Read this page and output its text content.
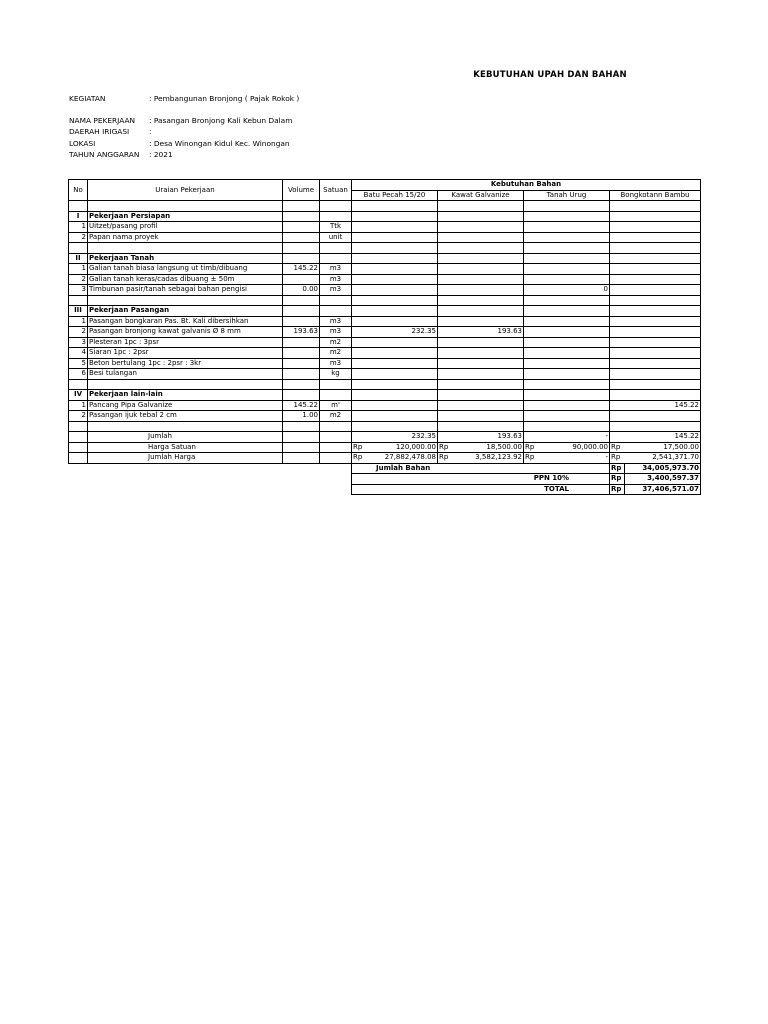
KEBUTUHAN UPAH DAN BAHAN
KEGIATAN	: Pembangunan Bronjong ( Pajak Rokok )
NAMA PEKERJAAN	: Pasangan Bronjong Kali Kebun Dalam
DAERAH IRIGASI	:
LOKASI	: Desa Winongan Kidul Kec. Winongan
TAHUN ANGGARAN	: 2021
No	Uraian Pekerjaan	Volume	Satuan	Kebutuhan Bahan							
				Batu Pecah 15/20		Kawat Galvanize		Tanah Urug		Bongkotann Bambu	

I	Pekerjaan Persiapan										
1	Uitzet/pasang profil		Ttk								
2	Papan nama proyek		unit								

II	Pekerjaan Tanah										
1	Galian tanah biasa langsung ut timb/dibuang	145.22	m3								
2	Galian tanah keras/cadas dibuang ± 50m		m3								
3	Timbunan pasir/tanah sebagai bahan pengisi	0.00	m3					0			

III	Pekerjaan Pasangan										
1	Pasangan bongkaran Pas. Bt. Kali dibersihkan		m3								
2	Pasangan bronjong kawat galvanis Ø 8 mm	193.63	m3	232.35		193.63					
3	Plesteran 1pc : 3psr		m2								
4	Siaran 1pc : 2psr		m2								
5	Beton bertulang 1pc : 2psr : 3kr		m3								
6	Besi tulangan		kg								

IV	Pekerjaan lain-lain										
1	Pancang Pipa Galvanize	145.22	m'							145.22	
2	Pasangan ijuk tebal 2 cm	1.00	m2								

	Jumlah			232.35		193.63		-		145.22	
	Harga Satuan			Rp	120,000.00	Rp	18,500.00	Rp	90,000.00	Rp	17,500.00
	Jumlah Harga			Rp	27,882,478.08	Rp	3,582,123.92	Rp	-	Rp	2,541,371.70
				Jumlah Bahan						Rp	34,005,973.70
				PPN 10%						Rp	3,400,597.37
				TOTAL						Rp	37,406,571.07
